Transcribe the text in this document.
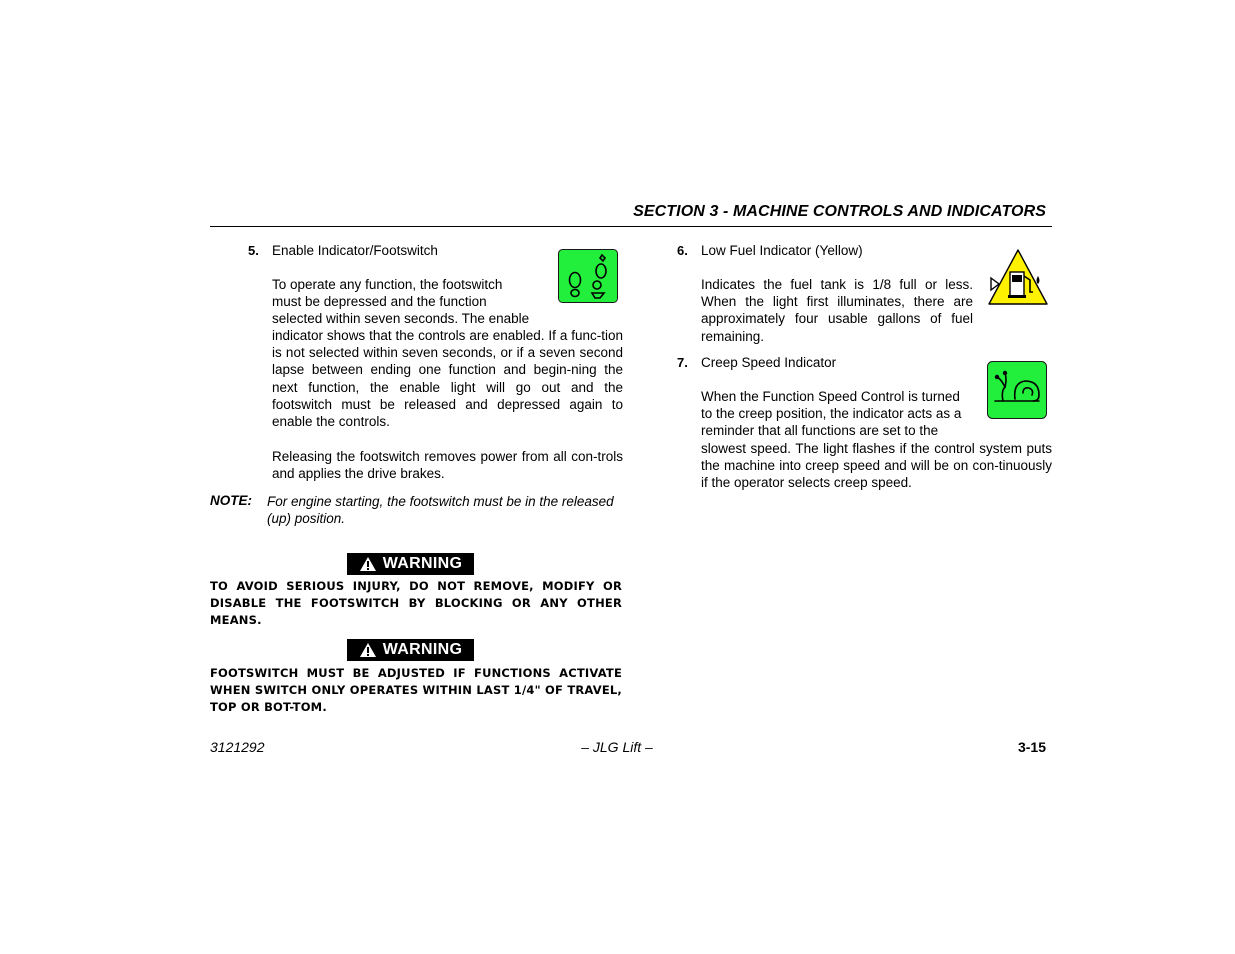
SECTION 3 - MACHINE CONTROLS AND INDICATORS
5. Enable Indicator/Footswitch
To operate any function, the footswitch
must be depressed and the function
selected within seven seconds. The enable
indicator shows that the controls are enabled. If a func-tion is not selected within seven seconds, or if a seven second lapse between ending one function and begin-ning the next function, the enable light will go out and the footswitch must be released and depressed again to enable the controls.
Releasing the footswitch removes power from all con-trols and applies the drive brakes.
NOTE: For engine starting, the footswitch must be in the released (up) position.
WARNING
TO AVOID SERIOUS INJURY, DO NOT REMOVE, MODIFY OR DISABLE THE FOOTSWITCH BY BLOCKING OR ANY OTHER MEANS.
WARNING
FOOTSWITCH MUST BE ADJUSTED IF FUNCTIONS ACTIVATE WHEN SWITCH ONLY OPERATES WITHIN LAST 1/4" OF TRAVEL, TOP OR BOT-TOM.
6. Low Fuel Indicator (Yellow)
Indicates the fuel tank is 1/8 full or less. When the light first illuminates, there are approximately four usable gallons of fuel remaining.
7. Creep Speed Indicator
When the Function Speed Control is turned
to the creep position, the indicator acts as a
reminder that all functions are set to the
slowest speed. The light flashes if the control system puts the machine into creep speed and will be on con-tinuously if the operator selects creep speed.
3121292	– JLG Lift –	3-15
